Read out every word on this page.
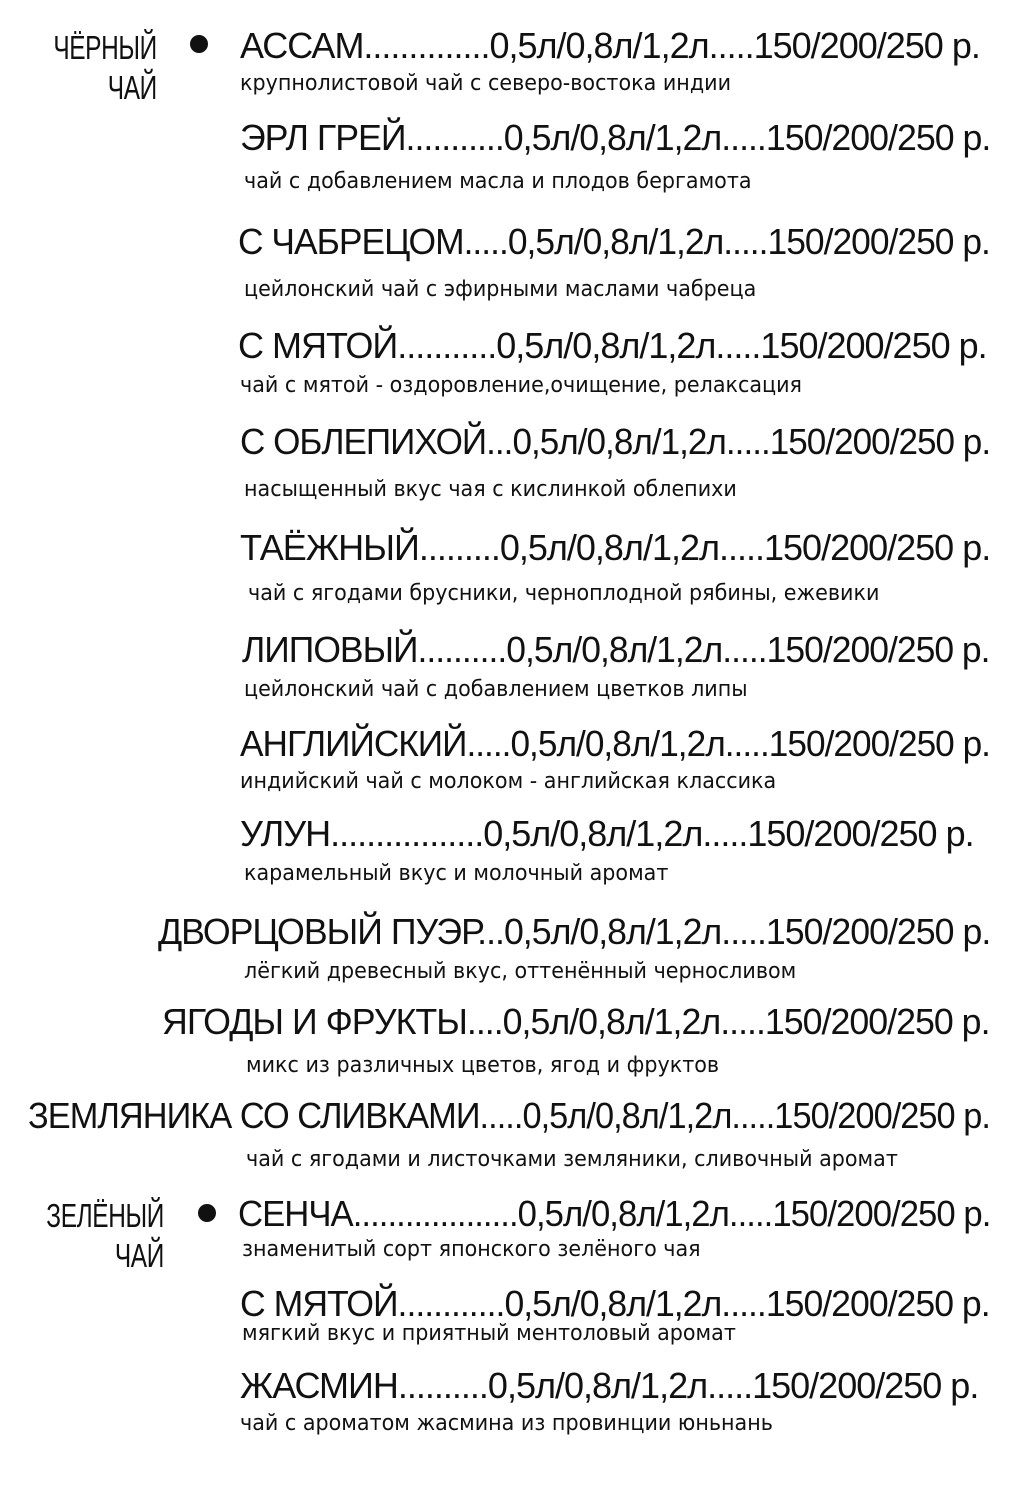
ЧЁРНЫЙ
ЧАЙ
ЗЕЛЁНЫЙ
ЧАЙ
АССАМ..............0,5л/0,8л/1,2л.....150/200/250 р.
крупнолистовой чай с северо-востока индии
ЭРЛ ГРЕЙ...........0,5л/0,8л/1,2л.....150/200/250 р.
чай с добавлением масла и плодов бергамота
С ЧАБРЕЦОМ.....0,5л/0,8л/1,2л.....150/200/250 р.
цейлонский чай с эфирными маслами чабреца
С МЯТОЙ...........0,5л/0,8л/1,2л.....150/200/250 р.
чай с мятой - оздоровление,очищение, релаксация
С ОБЛЕПИХОЙ...0,5л/0,8л/1,2л.....150/200/250 р.
насыщенный вкус чая с кислинкой облепихи
ТАЁЖНЫЙ.........0,5л/0,8л/1,2л.....150/200/250 р.
чай с ягодами брусники, черноплодной рябины, ежевики
ЛИПОВЫЙ..........0,5л/0,8л/1,2л.....150/200/250 р.
цейлонский чай с добавлением цветков липы
АНГЛИЙСКИЙ.....0,5л/0,8л/1,2л.....150/200/250 р.
индийский чай с молоком - английская классика
УЛУН.................0,5л/0,8л/1,2л.....150/200/250 р.
карамельный вкус и молочный аромат
ДВОРЦОВЫЙ ПУЭР...0,5л/0,8л/1,2л.....150/200/250 р.
лёгкий древесный вкус, оттенённый черносливом
ЯГОДЫ И ФРУКТЫ....0,5л/0,8л/1,2л.....150/200/250 р.
микс из различных цветов, ягод и фруктов
ЗЕМЛЯНИКА СО СЛИВКАМИ.....0,5л/0,8л/1,2л.....150/200/250 р.
чай с ягодами и листочками земляники, сливочный аромат
СЕНЧА...................0,5л/0,8л/1,2л.....150/200/250 р.
знаменитый сорт японского зелёного чая
С МЯТОЙ............0,5л/0,8л/1,2л.....150/200/250 р.
мягкий вкус и приятный ментоловый аромат
ЖАСМИН..........0,5л/0,8л/1,2л.....150/200/250 р.
чай с ароматом жасмина из провинции юньнань
